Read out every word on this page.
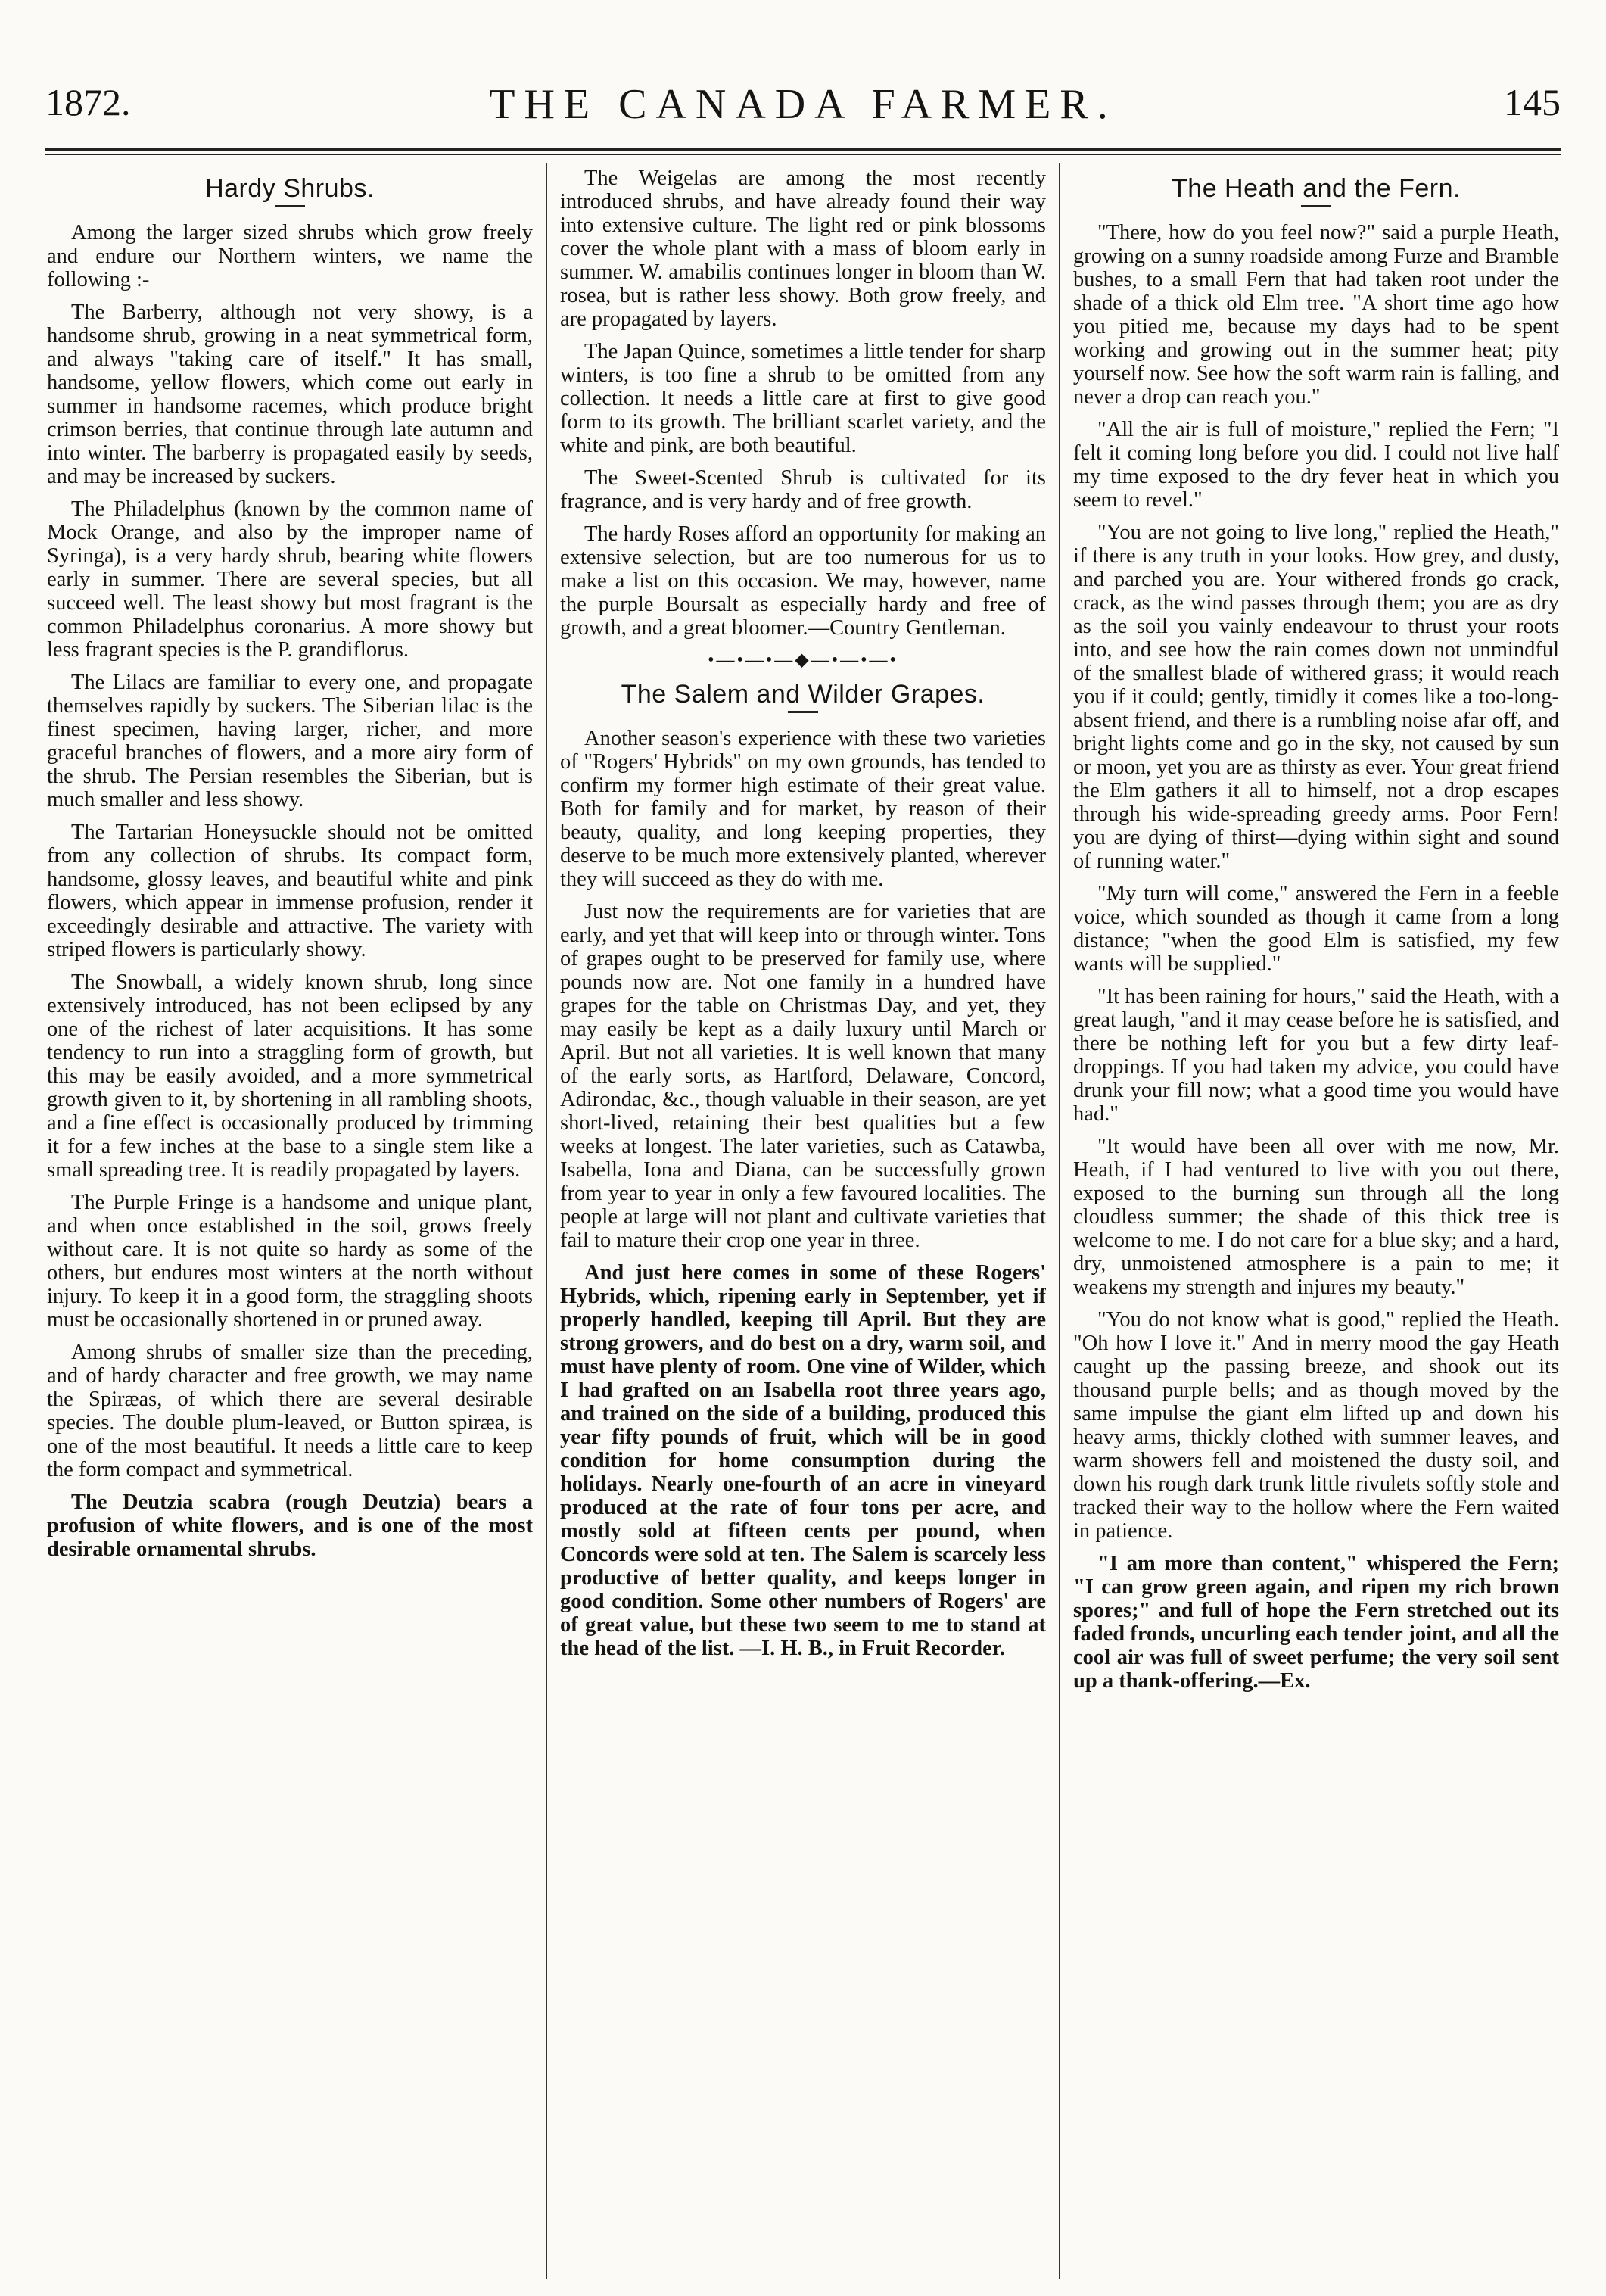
1872.	THE CANADA FARMER.	145
Hardy Shrubs.

Among the larger sized shrubs which grow freely and endure our Northern winters, we name the following :-

The Barberry, although not very showy, is a handsome shrub, growing in a neat symmetrical form, and always "taking care of itself." It has small, handsome, yellow flowers, which come out early in summer in handsome racemes, which produce bright crimson berries, that continue through late autumn and into winter. The barberry is propagated easily by seeds, and may be increased by suckers.

The Philadelphus (known by the common name of Mock Orange, and also by the improper name of Syringa), is a very hardy shrub, bearing white flowers early in summer. There are several species, but all succeed well. The least showy but most fragrant is the common Philadelphus coronarius. A more showy but less fragrant species is the P. grandiflorus.

The Lilacs are familiar to every one, and propagate themselves rapidly by suckers. The Siberian lilac is the finest specimen, having larger, richer, and more graceful branches of flowers, and a more airy form of the shrub. The Persian resembles the Siberian, but is much smaller and less showy.

The Tartarian Honeysuckle should not be omitted from any collection of shrubs. Its compact form, handsome, glossy leaves, and beautiful white and pink flowers, which appear in immense profusion, render it exceedingly desirable and attractive. The variety with striped flowers is particularly showy.

The Snowball, a widely known shrub, long since extensively introduced, has not been eclipsed by any one of the richest of later acquisitions. It has some tendency to run into a straggling form of growth, but this may be easily avoided, and a more symmetrical growth given to it, by shortening in all rambling shoots, and a fine effect is occasionally produced by trimming it for a few inches at the base to a single stem like a small spreading tree. It is readily propagated by layers.

The Purple Fringe is a handsome and unique plant, and when once established in the soil, grows freely without care. It is not quite so hardy as some of the others, but endures most winters at the north without injury. To keep it in a good form, the straggling shoots must be occasionally shortened in or pruned away.

Among shrubs of smaller size than the preceding, and of hardy character and free growth, we may name the Spiræas, of which there are several desirable species. The double plum-leaved, or Button spiræa, is one of the most beautiful. It needs a little care to keep the form compact and symmetrical.

The Deutzia scabra (rough Deutzia) bears a profusion of white flowers, and is one of the most desirable ornamental shrubs.

The Weigelas are among the most recently introduced shrubs, and have already found their way into extensive culture. The light red or pink blossoms cover the whole plant with a mass of bloom early in summer. W. amabilis continues longer in bloom than W. rosea, but is rather less showy. Both grow freely, and are propagated by layers.

The Japan Quince, sometimes a little tender for sharp winters, is too fine a shrub to be omitted from any collection. It needs a little care at first to give good form to its growth. The brilliant scarlet variety, and the white and pink, are both beautiful.

The Sweet-Scented Shrub is cultivated for its fragrance, and is very hardy and of free growth.

The hardy Roses afford an opportunity for making an extensive selection, but are too numerous for us to make a list on this occasion. We may, however, name the purple Boursalt as especially hardy and free of growth, and a great bloomer.—Country Gentleman.

•—•—•—◆—•—•—•
The Salem and Wilder Grapes.

Another season's experience with these two varieties of "Rogers' Hybrids" on my own grounds, has tended to confirm my former high estimate of their great value. Both for family and for market, by reason of their beauty, quality, and long keeping properties, they deserve to be much more extensively planted, wherever they will succeed as they do with me.

Just now the requirements are for varieties that are early, and yet that will keep into or through winter. Tons of grapes ought to be preserved for family use, where pounds now are. Not one family in a hundred have grapes for the table on Christmas Day, and yet, they may easily be kept as a daily luxury until March or April. But not all varieties. It is well known that many of the early sorts, as Hartford, Delaware, Concord, Adirondac, &c., though valuable in their season, are yet short-lived, retaining their best qualities but a few weeks at longest. The later varieties, such as Catawba, Isabella, Iona and Diana, can be successfully grown from year to year in only a few favoured localities. The people at large will not plant and cultivate varieties that fail to mature their crop one year in three.

And just here comes in some of these Rogers' Hybrids, which, ripening early in September, yet if properly handled, keeping till April. But they are strong growers, and do best on a dry, warm soil, and must have plenty of room. One vine of Wilder, which I had grafted on an Isabella root three years ago, and trained on the side of a building, produced this year fifty pounds of fruit, which will be in good condition for home consumption during the holidays. Nearly one-fourth of an acre in vineyard produced at the rate of four tons per acre, and mostly sold at fifteen cents per pound, when Concords were sold at ten. The Salem is scarcely less productive of better quality, and keeps longer in good condition. Some other numbers of Rogers' are of great value, but these two seem to me to stand at the head of the list. —I. H. B., in Fruit Recorder.

The Heath and the Fern.

"There, how do you feel now?" said a purple Heath, growing on a sunny roadside among Furze and Bramble bushes, to a small Fern that had taken root under the shade of a thick old Elm tree. "A short time ago how you pitied me, because my days had to be spent working and growing out in the summer heat; pity yourself now. See how the soft warm rain is falling, and never a drop can reach you."

"All the air is full of moisture," replied the Fern; "I felt it coming long before you did. I could not live half my time exposed to the dry fever heat in which you seem to revel."

"You are not going to live long," replied the Heath," if there is any truth in your looks. How grey, and dusty, and parched you are. Your withered fronds go crack, crack, as the wind passes through them; you are as dry as the soil you vainly endeavour to thrust your roots into, and see how the rain comes down not unmindful of the smallest blade of withered grass; it would reach you if it could; gently, timidly it comes like a too-long-absent friend, and there is a rumbling noise afar off, and bright lights come and go in the sky, not caused by sun or moon, yet you are as thirsty as ever. Your great friend the Elm gathers it all to himself, not a drop escapes through his wide-spreading greedy arms. Poor Fern! you are dying of thirst—dying within sight and sound of running water."

"My turn will come," answered the Fern in a feeble voice, which sounded as though it came from a long distance; "when the good Elm is satisfied, my few wants will be supplied."

"It has been raining for hours," said the Heath, with a great laugh, "and it may cease before he is satisfied, and there be nothing left for you but a few dirty leaf-droppings. If you had taken my advice, you could have drunk your fill now; what a good time you would have had."

"It would have been all over with me now, Mr. Heath, if I had ventured to live with you out there, exposed to the burning sun through all the long cloudless summer; the shade of this thick tree is welcome to me. I do not care for a blue sky; and a hard, dry, unmoistened atmosphere is a pain to me; it weakens my strength and injures my beauty."

"You do not know what is good," replied the Heath. "Oh how I love it." And in merry mood the gay Heath caught up the passing breeze, and shook out its thousand purple bells; and as though moved by the same impulse the giant elm lifted up and down his heavy arms, thickly clothed with summer leaves, and warm showers fell and moistened the dusty soil, and down his rough dark trunk little rivulets softly stole and tracked their way to the hollow where the Fern waited in patience.

"I am more than content," whispered the Fern; "I can grow green again, and ripen my rich brown spores;" and full of hope the Fern stretched out its faded fronds, uncurling each tender joint, and all the cool air was full of sweet perfume; the very soil sent up a thank-offering.—Ex.
